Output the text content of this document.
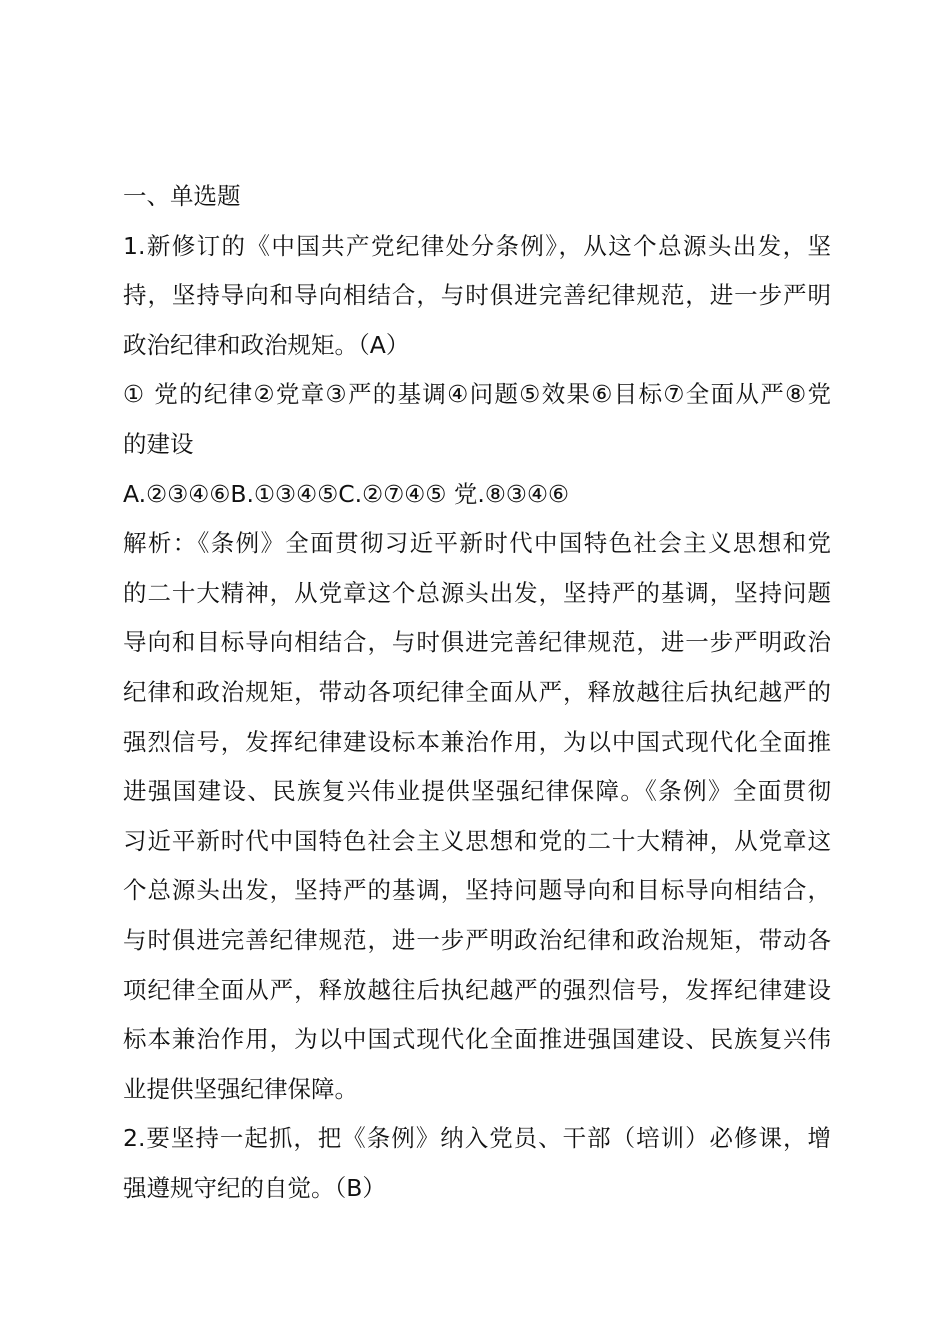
一、单选题
1.新修订的《中国共产党纪律处分条例》，从这个总源头出发，坚
持，坚持导向和导向相结合，与时俱进完善纪律规范，进一步严明
政治纪律和政治规矩。（A）
① 党的纪律②党章③严的基调④问题⑤效果⑥目标⑦全面从严⑧党
的建设
A.②③④⑥B.①③④⑤C.②⑦④⑤ 党.⑧③④⑥
解析：《条例》全面贯彻习近平新时代中国特色社会主义思想和党
的二十大精神，从党章这个总源头出发，坚持严的基调，坚持问题
导向和目标导向相结合，与时俱进完善纪律规范，进一步严明政治
纪律和政治规矩，带动各项纪律全面从严，释放越往后执纪越严的
强烈信号，发挥纪律建设标本兼治作用，为以中国式现代化全面推
进强国建设、民族复兴伟业提供坚强纪律保障。《条例》全面贯彻
习近平新时代中国特色社会主义思想和党的二十大精神，从党章这
个总源头出发，坚持严的基调，坚持问题导向和目标导向相结合，
与时俱进完善纪律规范，进一步严明政治纪律和政治规矩，带动各
项纪律全面从严，释放越往后执纪越严的强烈信号，发挥纪律建设
标本兼治作用，为以中国式现代化全面推进强国建设、民族复兴伟
业提供坚强纪律保障。
2.要坚持一起抓，把《条例》纳入党员、干部（培训）必修课，增
强遵规守纪的自觉。（B）
